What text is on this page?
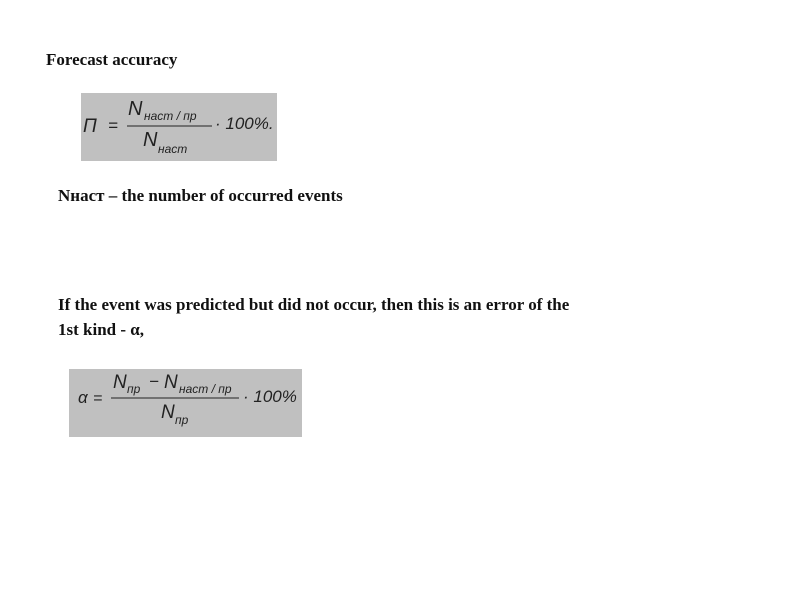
Forecast accuracy
П =
N наст / пр
N наст
· 100%.
Nнаст – the number of occurred events
If the event was predicted but did not occur, then this is an error of the
1st kind - α,
α =
N пр − N наст / пр
N пр
· 100%
